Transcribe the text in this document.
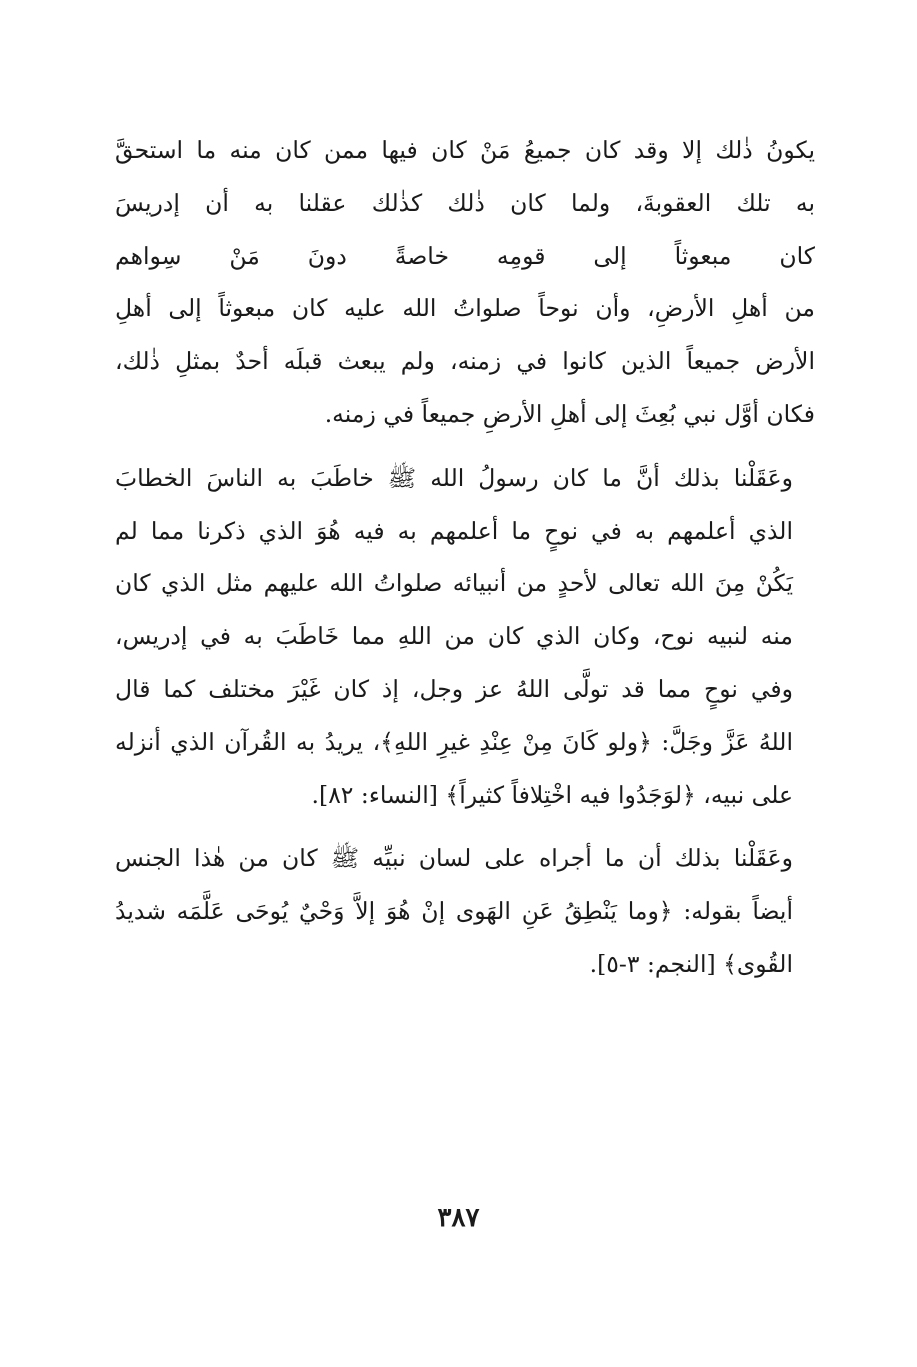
يكونُ ذٰلك إلا وقد كان جميعُ مَنْ كان فيها ممن كان منه ما استحقَّ
به تلك العقوبةَ، ولما كان ذٰلك كذٰلك عقلنا به أن إدريسَ
كان مبعوثاً إلى قومِه خاصةً دونَ مَنْ سِواهم
من أهلِ الأرضِ، وأن نوحاً صلواتُ الله عليه كان مبعوثاً إلى أهلِ
الأرض جميعاً الذين كانوا في زمنه، ولم يبعث قبلَه أحدٌ بمثلِ ذٰلك،
فكان أوَّل نبي بُعِثَ إلى أهلِ الأرضِ جميعاً في زمنه.

وعَقَلْنا بذلك أنَّ ما كان رسولُ الله ﷺ خاطَبَ به الناسَ الخطابَ
الذي أعلمهم به في نوحٍ ما أعلمهم به فيه هُوَ الذي ذكرنا مما لم
يَكُنْ مِنَ الله تعالى لأحدٍ من أنبيائه صلواتُ الله عليهم مثل الذي كان
منه لنبيه نوح، وكان الذي كان من اللهِ مما خَاطَبَ به في إدريس،
وفي نوحٍ مما قد تولَّى اللهُ عز وجل، إذ كان غَيْرَ مختلف كما قال
اللهُ عَزَّ وجَلَّ: ﴿ولو كَانَ مِنْ عِنْدِ غيرِ اللهِ﴾، يريدُ به القُرآن الذي أنزله
على نبيه، ﴿لوَجَدُوا فيه اخْتِلافاً كثيراً﴾ [النساء: ٨٢].

وعَقَلْنا بذلك أن ما أجراه على لسان نبيِّه ﷺ كان من هٰذا الجنس
أيضاً بقوله: ﴿وما يَنْطِقُ عَنِ الهَوى إنْ هُوَ إلاَّ وَحْيٌ يُوحَى عَلَّمَه شديدُ
القُوى﴾ [النجم: ٣-٥].

٣٨٧
